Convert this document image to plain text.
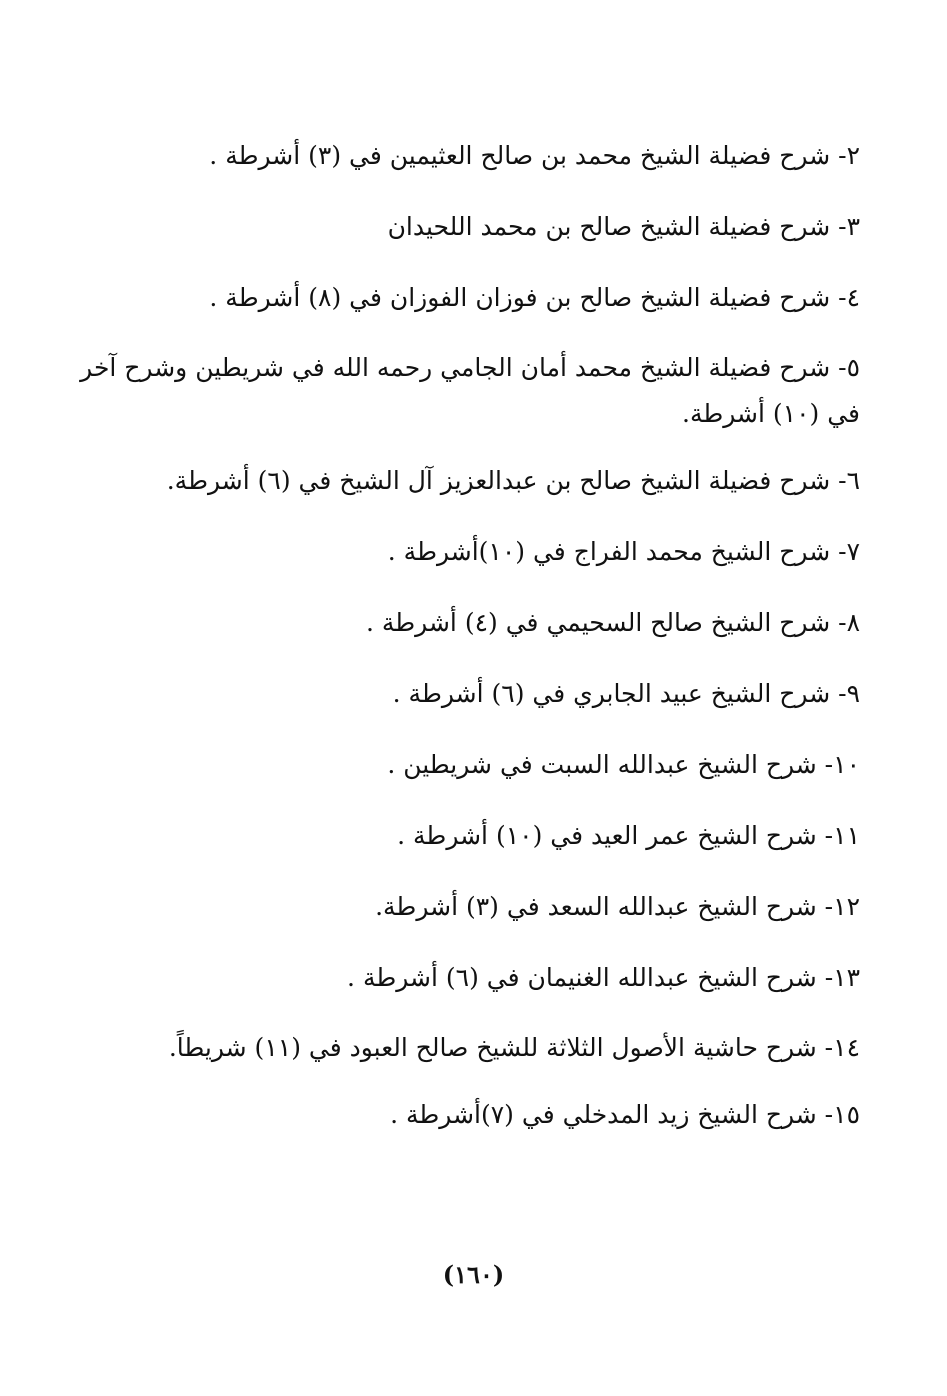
٢- شرح فضيلة الشيخ محمد بن صالح العثيمين في (٣) أشرطة .
٣- شرح فضيلة الشيخ صالح بن محمد اللحيدان
٤- شرح فضيلة الشيخ صالح بن فوزان الفوزان في (٨) أشرطة .
٥- شرح فضيلة الشيخ محمد أمان الجامي رحمه الله في شريطين وشرح آخر في (١٠) أشرطة.
٦- شرح فضيلة الشيخ صالح بن عبدالعزيز آل الشيخ في (٦) أشرطة.
٧- شرح الشيخ محمد الفراج في (١٠)أشرطة .
٨- شرح الشيخ صالح السحيمي في (٤) أشرطة .
٩- شرح الشيخ عبيد الجابري في (٦) أشرطة .
١٠- شرح الشيخ عبدالله السبت في شريطين .
١١- شرح الشيخ عمر العيد في (١٠) أشرطة .
١٢- شرح الشيخ عبدالله السعد في (٣) أشرطة.
١٣- شرح الشيخ عبدالله الغنيمان في (٦) أشرطة .
١٤- شرح حاشية الأصول الثلاثة للشيخ صالح العبود في (١١) شريطاً.
١٥- شرح الشيخ زيد المدخلي في (٧)أشرطة .
(١٦٠)
